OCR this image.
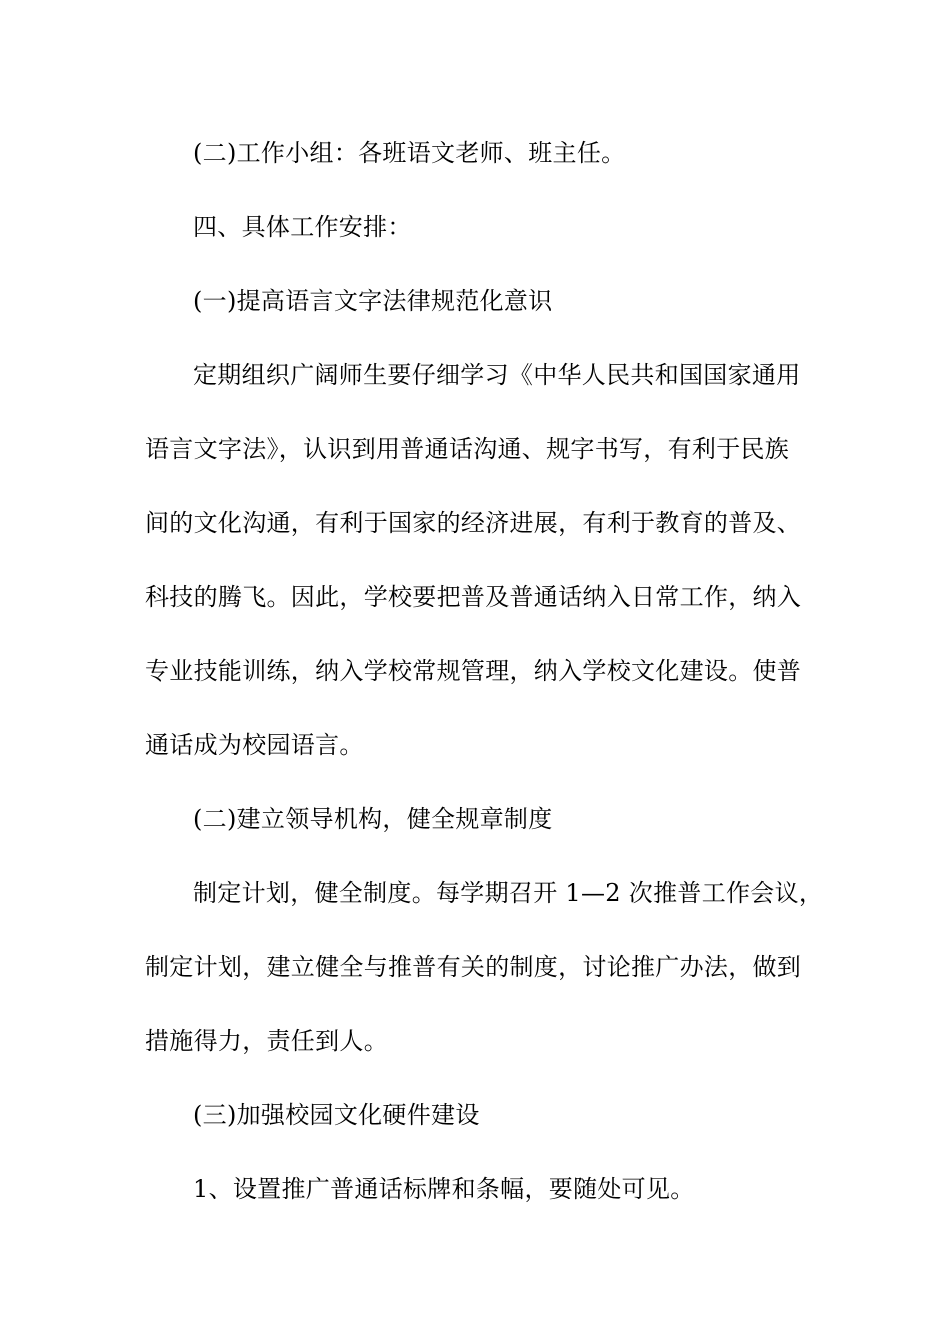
(二)工作小组：各班语文老师、班主任。
四、具体工作安排：
(一)提高语言文字法律规范化意识
定期组织广阔师生要仔细学习《中华人民共和国国家通用
语言文字法》，认识到用普通话沟通、规字书写，有利于民族
间的文化沟通，有利于国家的经济进展，有利于教育的普及、
科技的腾飞。因此，学校要把普及普通话纳入日常工作，纳入
专业技能训练，纳入学校常规管理，纳入学校文化建设。使普
通话成为校园语言。
(二)建立领导机构，健全规章制度
制定计划，健全制度。每学期召开 1—2 次推普工作会议，
制定计划，建立健全与推普有关的制度，讨论推广办法，做到
措施得力，责任到人。
(三)加强校园文化硬件建设
1、设置推广普通话标牌和条幅，要随处可见。
